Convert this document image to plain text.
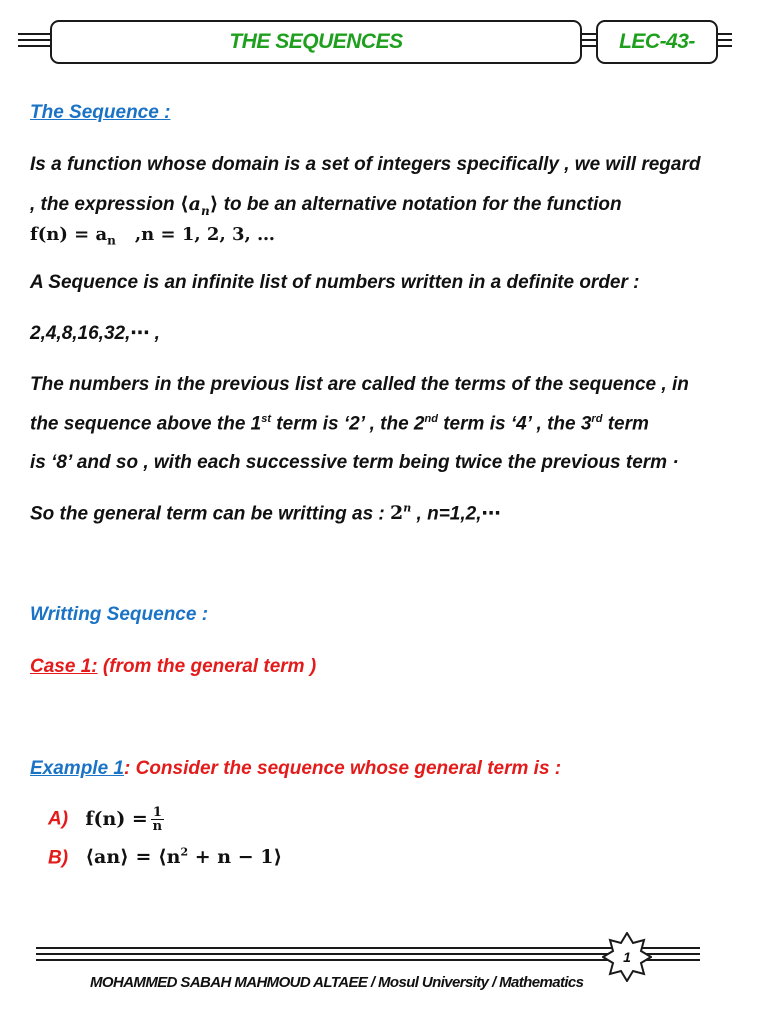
THE SEQUENCES	LEC-43-
The Sequence :
Is a function whose domain is a set of integers specifically , we will regard
, the expression $⟨a_n⟩$ to be an alternative notation for the function
$f(n) = a_n$ ,n = 1, 2, 3, …
A Sequence is an infinite list of numbers written in a definite order :
2,4,8,16,32,⋯ ,
The numbers in the previous list are called the terms of the sequence , in
the sequence above the 1st term is ‘2’ , the 2nd term is ‘4’ , the 3rd term
is ‘8’ and so , with each successive term being twice the previous term ·
So the general term can be writting as : 2$^n$ , n=1,2,⋯
Writting Sequence :
Case 1: (from the general term )
Example 1: Consider the sequence whose general term is :
A) $f(n) = \frac{1}{n}$
B) ⟨an⟩ = $⟨n^2 + n$ − 1⟩
1
MOHAMMED SABAH MAHMOUD ALTAEE / Mosul University / Mathematics
